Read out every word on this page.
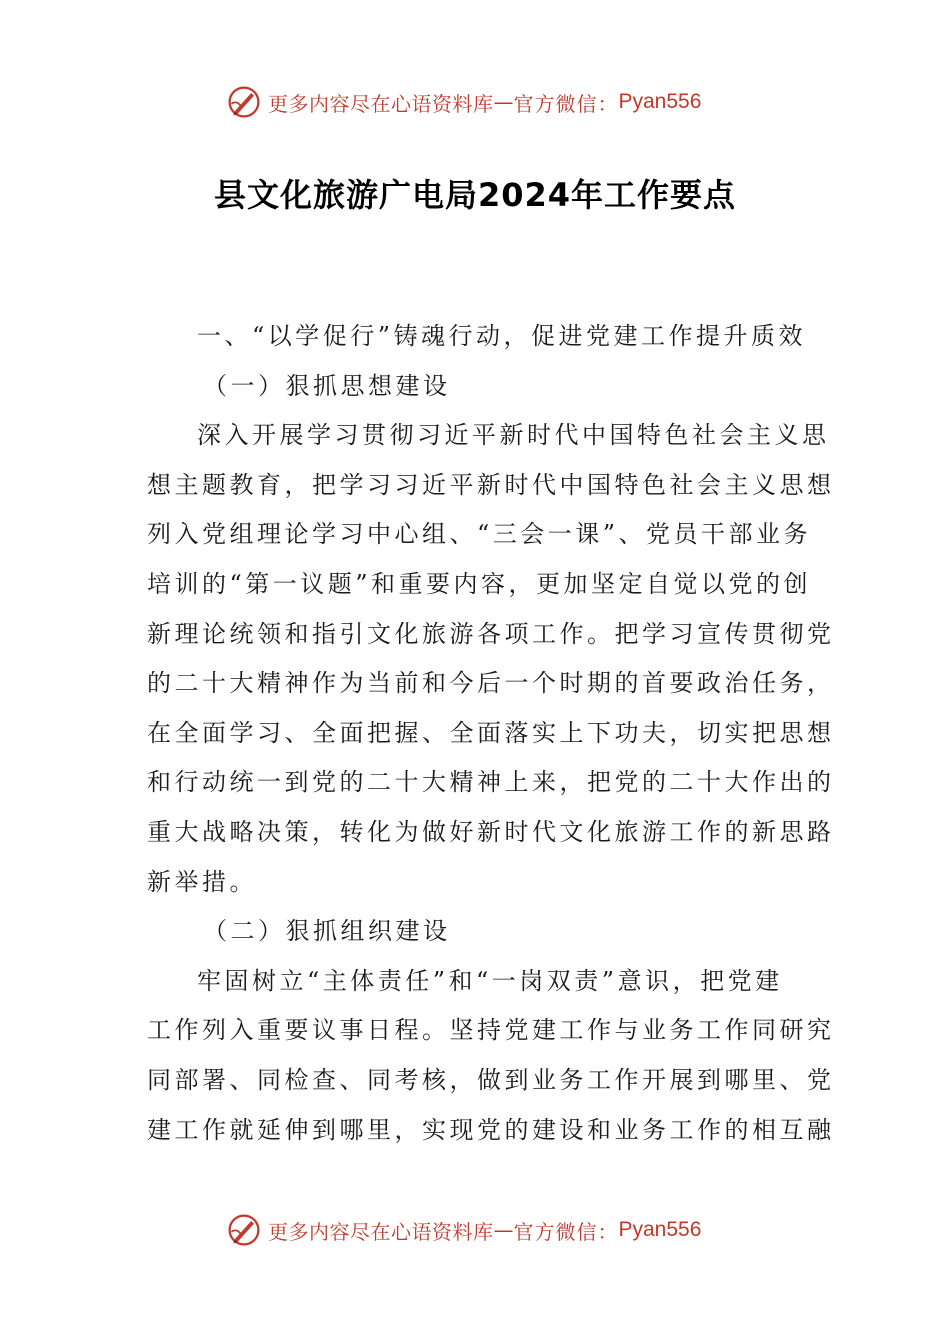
更多内容尽在心语资料库 — 官方微信： Pyan556
县文化旅游广电局2024年工作要点
一、“以学促行”铸魂行动，促进党建工作提升质效
（一）狠抓思想建设
深入开展学习贯彻习近平新时代中国特色社会主义思
想主题教育，把学习习近平新时代中国特色社会主义思想
列入党组理论学习中心组、“三会一课”、党员干部业务
培训的“第一议题”和重要内容，更加坚定自觉以党的创
新理论统领和指引文化旅游各项工作。把学习宣传贯彻党
的二十大精神作为当前和今后一个时期的首要政治任务，
在全面学习、全面把握、全面落实上下功夫，切实把思想
和行动统一到党的二十大精神上来，把党的二十大作出的
重大战略决策，转化为做好新时代文化旅游工作的新思路
新举措。
（二）狠抓组织建设
牢固树立“主体责任”和“一岗双责”意识，把党建
工作列入重要议事日程。坚持党建工作与业务工作同研究
同部署、同检查、同考核，做到业务工作开展到哪里、党
建工作就延伸到哪里，实现党的建设和业务工作的相互融
更多内容尽在心语资料库 — 官方微信： Pyan556
